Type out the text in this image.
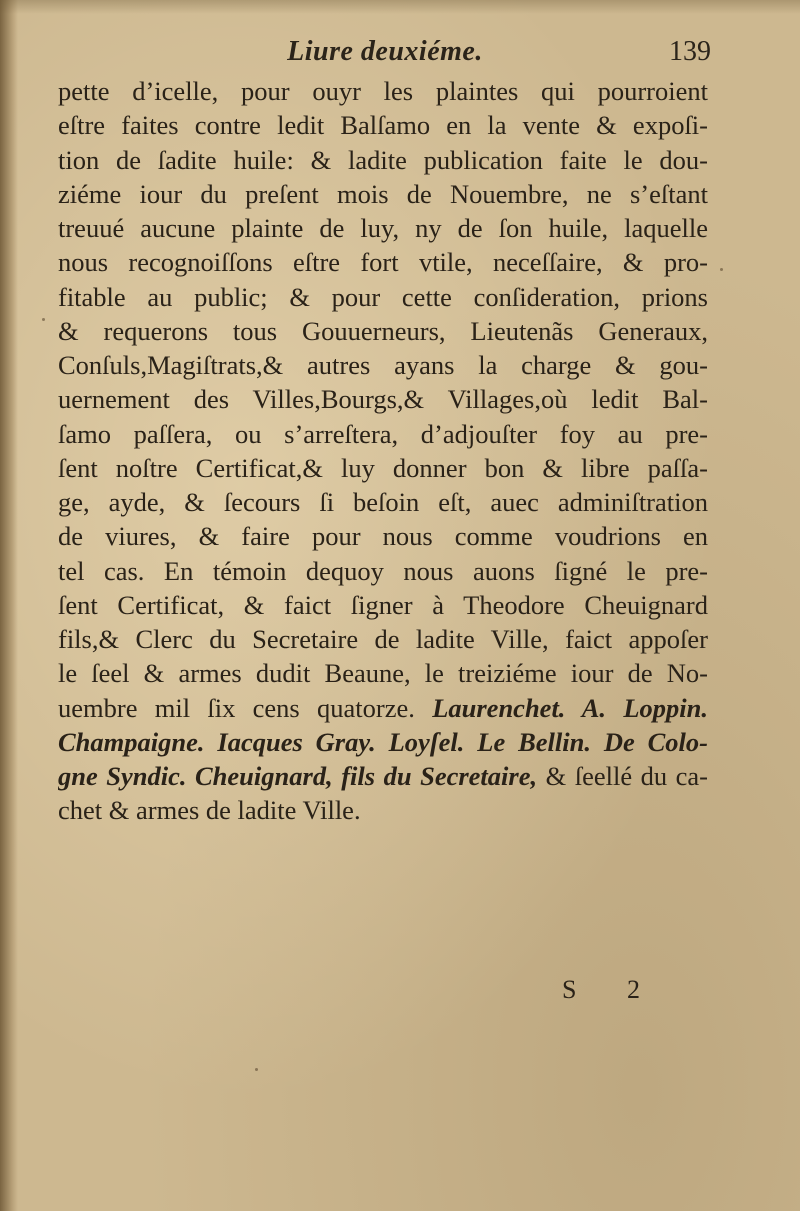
Liure deuxiéme.	139
pette d’icelle, pour ouyr les plaintes qui pourroient
eſtre faites contre ledit Balſamo en la vente & expoſi-
tion de ſadite huile: & ladite publication faite le dou-
ziéme iour du preſent mois de Nouembre, ne s’eſtant
treuué aucune plainte de luy, ny de ſon huile, laquelle
nous recognoiſſons eſtre fort vtile, neceſſaire, & pro-
fitable au public; & pour cette conſideration, prions
& requerons tous Gouuerneurs, Lieutenãs Generaux,
Conſuls,Magiſtrats,& autres ayans la charge & gou-
uernement des Villes,Bourgs,& Villages,où ledit Bal-
ſamo paſſera, ou s’arreſtera, d’adjouſter foy au pre-
ſent noſtre Certificat,& luy donner bon & libre paſſa-
ge, ayde, & ſecours ſi beſoin eſt, auec adminiſtration
de viures, & faire pour nous comme voudrions en
tel cas. En témoin dequoy nous auons ſigné le pre-
ſent Certificat, & faict ſigner à Theodore Cheuignard
fils,& Clerc du Secretaire de ladite Ville, faict appoſer
le ſeel & armes dudit Beaune, le treiziéme iour de No-
uembre mil ſix cens quatorze. Laurenchet. A. Loppin.
Champaigne. Iacques Gray. Loyſel. Le Bellin. De Colo-
gne Syndic. Cheuignard, fils du Secretaire, & ſeellé du ca-
chet & armes de ladite Ville.
S 2
